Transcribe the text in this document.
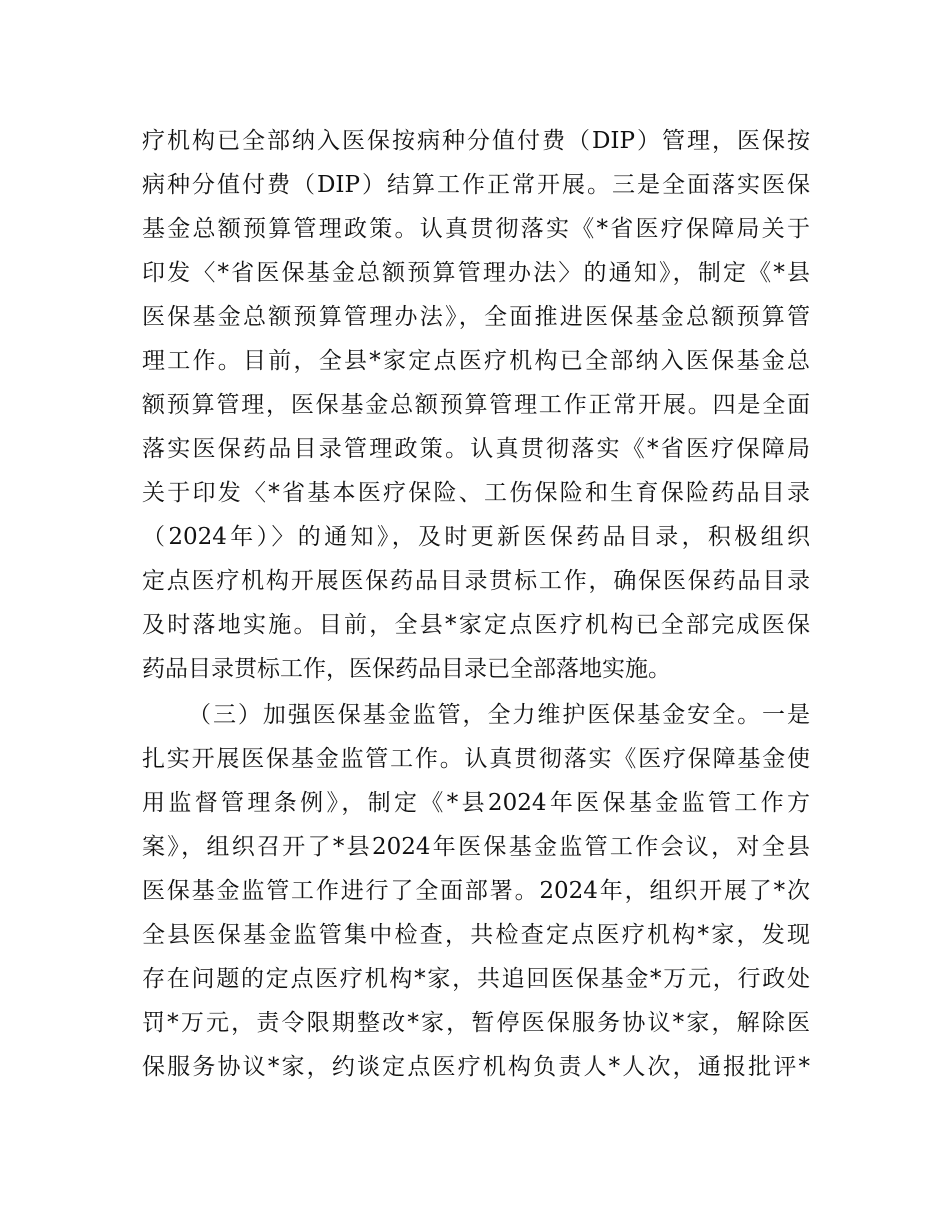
疗机构已全部纳入医保按病种分值付费（DIP）管理，医保按
病种分值付费（DIP）结算工作正常开展。三是全面落实医保
基金总额预算管理政策。认真贯彻落实《*省医疗保障局关于
印发〈*省医保基金总额预算管理办法〉的通知》，制定《*县
医保基金总额预算管理办法》，全面推进医保基金总额预算管
理工作。目前，全县*家定点医疗机构已全部纳入医保基金总
额预算管理，医保基金总额预算管理工作正常开展。四是全面
落实医保药品目录管理政策。认真贯彻落实《*省医疗保障局
关于印发〈*省基本医疗保险、工伤保险和生育保险药品目录
（2024年）〉的通知》，及时更新医保药品目录，积极组织
定点医疗机构开展医保药品目录贯标工作，确保医保药品目录
及时落地实施。目前，全县*家定点医疗机构已全部完成医保
药品目录贯标工作，医保药品目录已全部落地实施。
（三）加强医保基金监管，全力维护医保基金安全。一是
扎实开展医保基金监管工作。认真贯彻落实《医疗保障基金使
用监督管理条例》，制定《*县2024年医保基金监管工作方
案》，组织召开了*县2024年医保基金监管工作会议，对全县
医保基金监管工作进行了全面部署。2024年，组织开展了*次
全县医保基金监管集中检查，共检查定点医疗机构*家，发现
存在问题的定点医疗机构*家，共追回医保基金*万元，行政处
罚*万元，责令限期整改*家，暂停医保服务协议*家，解除医
保服务协议*家，约谈定点医疗机构负责人*人次，通报批评*
